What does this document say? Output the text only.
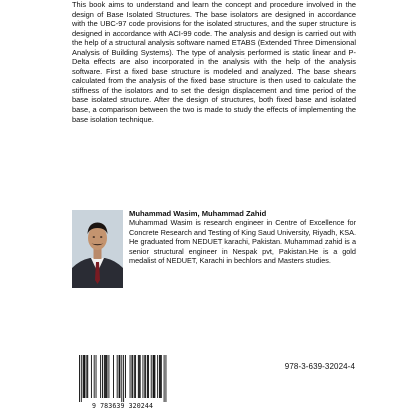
This book aims to understand and learn the concept and procedure involved in the design of Base Isolated Structures. The base isolators are designed in accordance with the UBC-97 code provisions for the isolated structures, and the super structure is designed in accordance with ACI-99 code. The analysis and design is carried out with the help of a structural analysis software named ETABS (Extended Three Dimensional Analysis of Building Systems). The type of analysis performed is static linear and P-Delta effects are also incorporated in the analysis with the help of the analysis software. First a fixed base structure is modeled and analyzed. The base shears calculated from the analysis of the fixed base structure is then used to calculate the stiffness of the isolators and to set the design displacement and time period of the base isolated structure. After the design of structures, both fixed base and isolated base, a comparison between the two is made to study the effects of implementing the base isolation technique.

Muhammad Wasim, Muhammad Zahid
Muhammad Wasim is research engineer in Centre of Excellence for Concrete Research and Testing of King Saud University, Riyadh, KSA. He graduated from NEDUET karachi, Pakistan. Muhammad zahid is a senior structural engineer in Nespak pvt, Pakistan.He is a gold medalist of NEDUET, Karachi in bechlors and Masters studies.
9 783639 320244
978-3-639-32024-4
